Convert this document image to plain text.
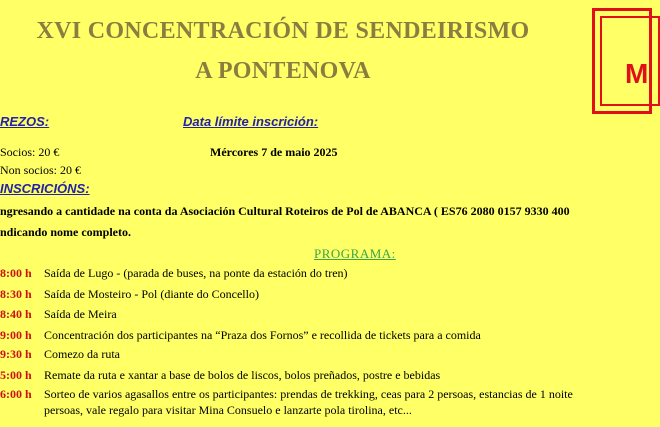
XVI CONCENTRACIÓN DE SENDEIRISMO
A PONTENOVA	M
REZOS:	Data límite inscrición:
Socios: 20 €	Mércores 7 de maio 2025
Non socios: 20 €
INSCRICIÓNS:
ngresando a cantidade na conta da Asociación Cultural Roteiros de Pol de ABANCA ( ES76 2080 0157 9330 400
ndicando nome completo.
PROGRAMA:
8:00 h Saída de Lugo - (parada de buses, na ponte da estación do tren)
8:30 h Saída de Mosteiro - Pol (diante do Concello)
8:40 h Saída de Meira
9:00 h Concentración dos participantes na “Praza dos Fornos” e recollida de tickets para a comida
9:30 h Comezo da ruta
5:00 h Remate da ruta e xantar a base de bolos de liscos, bolos preñados, postre e bebidas
6:00 h Sorteo de varios agasallos entre os participantes: prendas de trekking, ceas para 2 persoas, estancias de 1 noite
persoas, vale regalo para visitar Mina Consuelo e lanzarte pola tirolina, etc...
